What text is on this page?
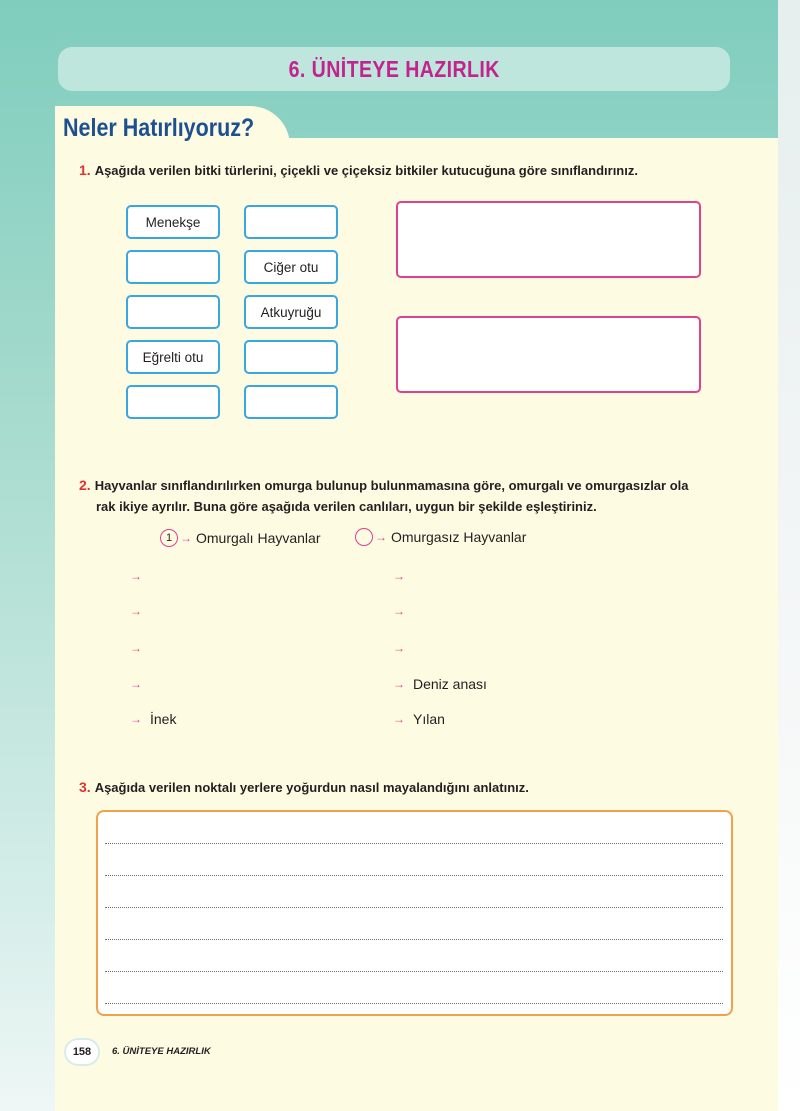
6. ÜNİTEYE HAZIRLIK
Neler Hatırlıyoruz?
1. Aşağıda verilen bitki türlerini, çiçekli ve çiçeksiz bitkiler kutucuğuna göre sınıflandırınız.
Menekşe
Eğrelti otu
Ciğer otu
Atkuyruğu
2. Hayvanlar sınıflandırılırken omurga bulunup bulunmamasına göre, omurgalı ve omurgasızlar ola
rak ikiye ayrılır. Buna göre aşağıda verilen canlıları, uygun bir şekilde eşleştiriniz.
1 → Omurgalı Hayvanlar	→ Omurgasız Hayvanlar
→
→
→
→
→ İnek
→
→
→
→ Deniz anası
→ Yılan
3. Aşağıda verilen noktalı yerlere yoğurdun nasıl mayalandığını anlatınız.
158	6. ÜNİTEYE HAZIRLIK
